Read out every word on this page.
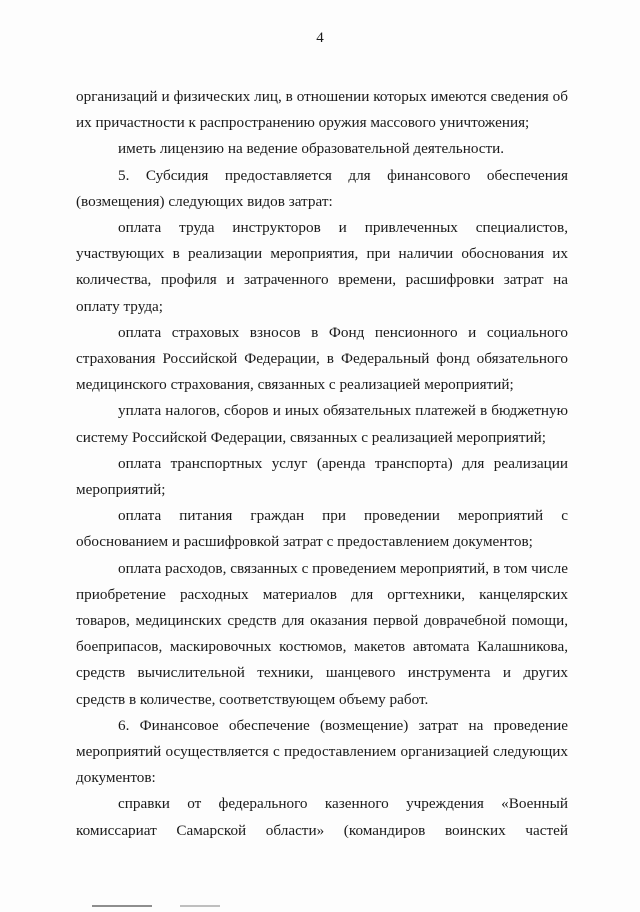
4

организаций и физических лиц, в отношении которых имеются сведения об их причастности к распространению оружия массового уничтожения;

иметь лицензию на ведение образовательной деятельности.

5. Субсидия предоставляется для финансового обеспечения (возмещения) следующих видов затрат:

оплата труда инструкторов и привлеченных специалистов, участвующих в реализации мероприятия, при наличии обоснования их количества, профиля и затраченного времени, расшифровки затрат на оплату труда;

оплата страховых взносов в Фонд пенсионного и социального страхования Российской Федерации, в Федеральный фонд обязательного медицинского страхования, связанных с реализацией мероприятий;

уплата налогов, сборов и иных обязательных платежей в бюджетную систему Российской Федерации, связанных с реализацией мероприятий;

оплата транспортных услуг (аренда транспорта) для реализации мероприятий;

оплата питания граждан при проведении мероприятий с обоснованием и расшифровкой затрат с предоставлением документов;

оплата расходов, связанных с проведением мероприятий, в том числе приобретение расходных материалов для оргтехники, канцелярских товаров, медицинских средств для оказания первой доврачебной помощи, боеприпасов, маскировочных костюмов, макетов автомата Калашникова, средств вычислительной техники, шанцевого инструмента и других средств в количестве, соответствующем объему работ.

6. Финансовое обеспечение (возмещение) затрат на проведение мероприятий осуществляется с предоставлением организацией следующих документов:

справки от федерального казенного учреждения «Военный комиссариат Самарской области» (командиров воинских частей
